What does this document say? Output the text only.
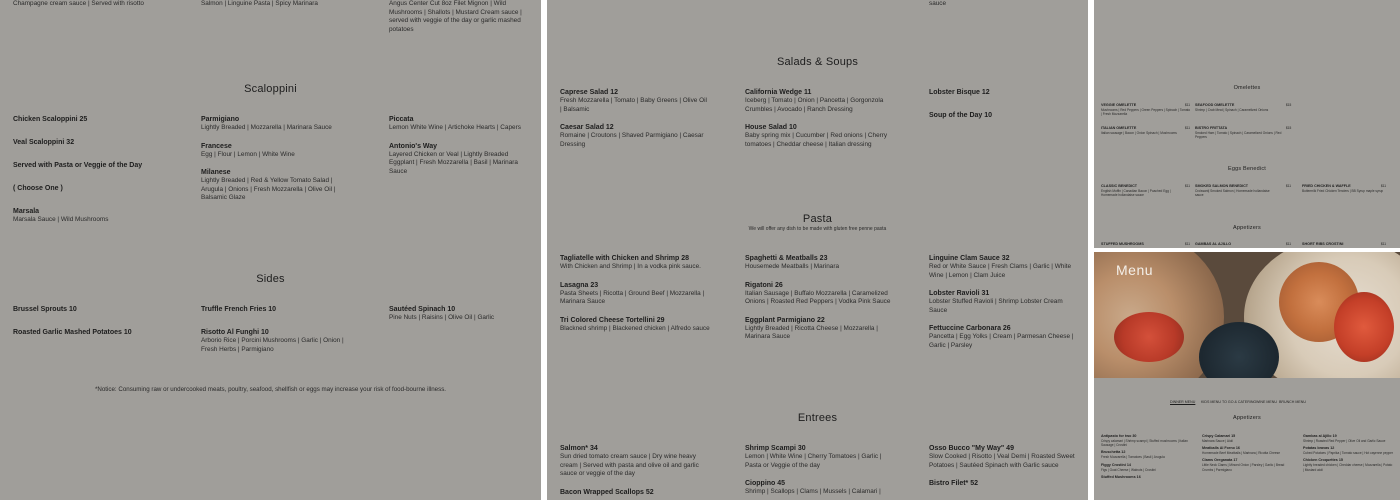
Champagne cream sauce | Served with risotto	Salmon | Linguine Pasta | Spicy Marinara	Angus Center Cut 8oz Filet Mignon | Wild Mushrooms | Shallots | Mustard Cream sauce | served with veggie of the day or garlic mashed potatoes
Scaloppini
Chicken Scaloppini 25
Veal Scaloppini 32
Served with Pasta or Veggie of the Day
( Choose One )
Marsala
Marsala Sauce | Wild Mushrooms
Parmigiano
Lightly Breaded | Mozzarella | Marinara Sauce
Francese
Egg | Flour | Lemon | White Wine
Milanese
Lightly Breaded | Red & Yellow Tomato Salad | Arugula | Onions | Fresh Mozzarella | Olive Oil | Balsamic Glaze
Piccata
Lemon White Wine | Artichoke Hearts | Capers
Antonio's Way
Layered Chicken or Veal | Lightly Breaded Eggplant | Fresh Mozzarella | Basil | Marinara Sauce
Sides
Brussel Sprouts 10
Roasted Garlic Mashed Potatoes 10
Truffle French Fries 10
Risotto Al Funghi 10
Arborio Rice | Porcini Mushrooms | Garlic | Onion | Fresh Herbs | Parmigiano
Sautéed Spinach 10
Pine Nuts | Raisins | Olive Oil | Garlic
*Notice: Consuming raw or undercooked meats, poultry, seafood, shellfish or eggs may increase your risk of food-bourne illness.
sauce
Salads & Soups
Caprese Salad 12
Fresh Mozzarella | Tomato | Baby Greens | Olive Oil | Balsamic
Caesar Salad 12
Romaine | Croutons | Shaved Parmigiano | Caesar Dressing
California Wedge 11
Iceberg | Tomato | Onion | Pancetta | Gorgonzola Crumbles | Avocado | Ranch Dressing
House Salad 10
Baby spring mix | Cucumber | Red onions | Cherry tomatoes | Cheddar cheese | Italian dressing
Lobster Bisque 12
Soup of the Day 10
Pasta
We will offer any dish to be made with gluten free penne pasta
Tagliatelle with Chicken and Shrimp 28
With Chicken and Shrimp | In a vodka pink sauce.
Lasagna 23
Pasta Sheets | Ricotta | Ground Beef | Mozzarella | Marinara Sauce
Tri Colored Cheese Tortellini 29
Blackned shrimp | Blackened chicken | Alfredo sauce
Spaghetti & Meatballs 23
Housemede Meatballs | Marinara
Rigatoni 26
Italian Sausage | Buffalo Mozzarella | Caramelized Onions | Roasted Red Peppers | Vodka Pink Sauce
Eggplant Parmigiano 22
Lightly Breaded | Ricotta Cheese | Mozzarella | Marinara Sauce
Linguine Clam Sauce 32
Red or White Sauce | Fresh Clams | Garlic | White Wine | Lemon | Clam Juice
Lobster Ravioli 31
Lobster Stuffed Ravioli | Shrimp Lobster Cream Sauce
Fettuccine Carbonara 26
Pancetta | Egg Yolks | Cream | Parmesan Cheese | Garlic | Parsley
Entrees
Salmon* 34
Sun dried tomato cream sauce | Dry wine heavy cream | Served with pasta and olive oil and garlic sauce or veggie of the day
Bacon Wrapped Scallops 52
Shrimp Scampi 30
Lemon | White Wine | Cherry Tomatoes | Garlic | Pasta or Veggie of the day
Cioppino 45
Shrimp | Scallops | Clams | Mussels | Calamari |
Osso Bucco "My Way" 49
Slow Cooked | Risotto | Veal Demi | Roasted Sweet Potatoes | Sautéed Spinach with Garlic sauce
Bistro Filet* 52
Omelettes
VEGGIE OMELETTE
Mushrooms | Red Peppers | Green Peppers | Spinach | Tomato | Fresh Mozzarella
$11 SEAFOOD OMELETTE
Shrimp | Crab Meat | Spinach | Caramelized Onions
$15
ITALIAN OMELETTE
Italian sausage | Bacon | Onion Spinach | Mushrooms
$11 BISTRO FRITTATA
Smoked Ham | Tomato | Spinach | Caramelized Onions | Red Peppers
$15
Eggs Benedict
CLASSIC BENEDICT
English Muffin | Canadian Bacon | Poached Egg | Homemade hollandaise sauce
$11 SMOKED SALMON BENEDICT
Croissant| Smoked Salmon | Homemade hollandaise sauce
$11	FRIED CHICKEN & WAFFLE
Buttermilk Fried Chicken Tenders | BB Syrup maple syrup
$11
Appetizers
STUFFED MUSHROOMS	$11 GAMBAS AL AJILLO	$11	SHORT RIBS CROSTINI	$11
Menu
DINNER MENU KIDS MENU TO GO & CATERING WINE MENU BRUNCH MENU
Appetizers
Antipasto for two 30
Crispy calamari | Shrimp scampi | Stuffed mushrooms | Italian Sausage | Crostini
Bruschetta 12
Fresh Mozzarella | Tomatoes | Basil | Arugula
Figgy Crostini 14
Figs | Goat Cheese | Walnuts | Crostini
Stuffed Mushrooms 16
Crispy Calamari 15
Marinara Sauce | Aioli
Meatballs Al Forno 16
Homemade Beef Meatballs | Marinara | Ricotta Cheese
Clams Oreganata 17
Little Neck Clams | Minced Onion | Parsley | Garlic | Bread Crumbs | Parmigiano
Gambas al Ajillo 19
Shrimp | Roasted Red Pepper | Olive Oil and Garlic Sauce
Potatas bravas 12
Cubed Potatoes | Paprika | Tomato sauce | Hot cayenne pepper
Chicken Croquettes 15
Lightly breaded chicken | Cheddar cheese | Mozzarella | Potato | Mustard aioli
